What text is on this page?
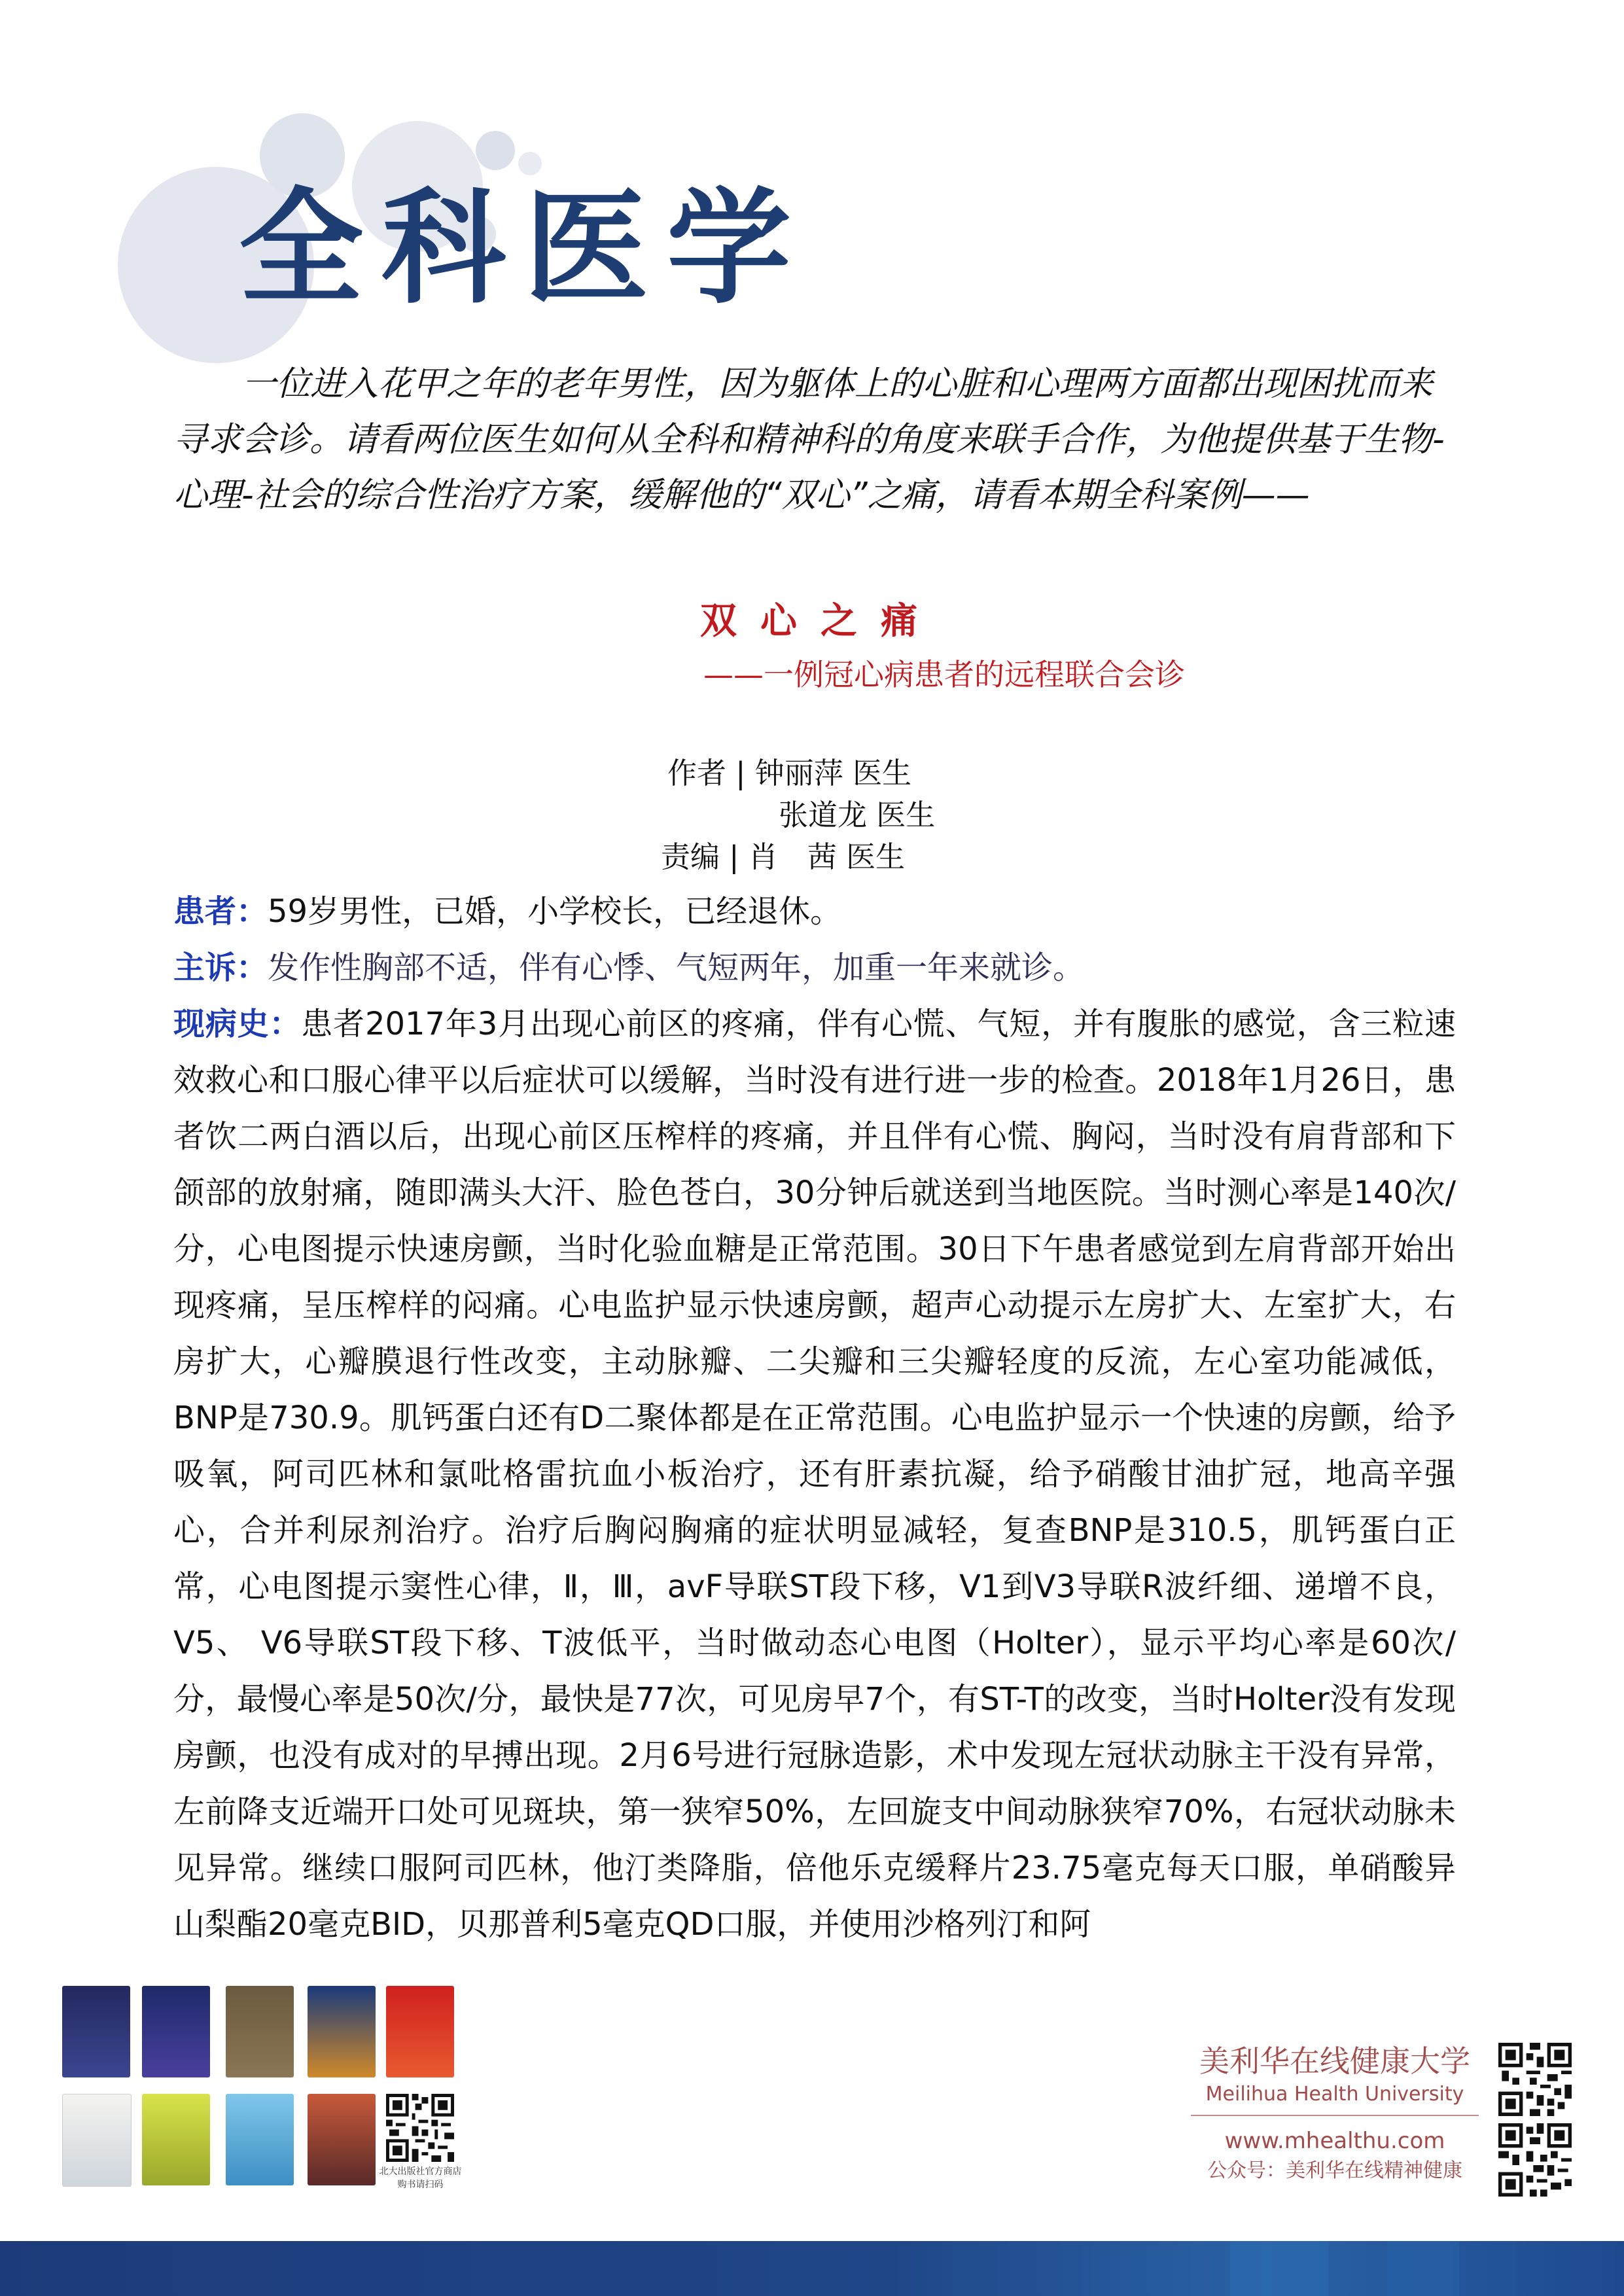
全科医学

一位进入花甲之年的老年男性，因为躯体上的心脏和心理两方面都出现困扰而来寻求会诊。请看两位医生如何从全科和精神科的角度来联手合作，为他提供基于生物-心理-社会的综合性治疗方案，缓解他的“双心”之痛，请看本期全科案例——

双心之痛
——一例冠心病患者的远程联合会诊
作者 | 钟丽萍 医生
张道龙 医生
责编 | 肖　茜 医生

患者：59岁男性，已婚，小学校长，已经退休。

主诉：发作性胸部不适，伴有心悸、气短两年，加重一年来就诊。

现病史：患者2017年3月出现心前区的疼痛，伴有心慌、气短，并有腹胀的感觉，含三粒速效救心和口服心律平以后症状可以缓解，当时没有进行进一步的检查。2018年1月26日，患者饮二两白酒以后，出现心前区压榨样的疼痛，并且伴有心慌、胸闷，当时没有肩背部和下颌部的放射痛，随即满头大汗、脸色苍白，30分钟后就送到当地医院。当时测心率是140次/分，心电图提示快速房颤，当时化验血糖是正常范围。30日下午患者感觉到左肩背部开始出现疼痛，呈压榨样的闷痛。心电监护显示快速房颤，超声心动提示左房扩大、左室扩大，右房扩大，心瓣膜退行性改变，主动脉瓣、二尖瓣和三尖瓣轻度的反流，左心室功能减低，BNP是730.9。肌钙蛋白还有D二聚体都是在正常范围。心电监护显示一个快速的房颤，给予吸氧，阿司匹林和氯吡格雷抗血小板治疗，还有肝素抗凝，给予硝酸甘油扩冠，地高辛强心，合并利尿剂治疗。治疗后胸闷胸痛的症状明显减轻，复查BNP是310.5，肌钙蛋白正常，心电图提示窦性心律，Ⅱ，Ⅲ，avF导联ST段下移，V1到V3导联R波纤细、递增不良，V5、 V6导联ST段下移、T波低平，当时做动态心电图（Holter），显示平均心率是60次/分，最慢心率是50次/分，最快是77次，可见房早7个，有ST-T的改变，当时Holter没有发现房颤，也没有成对的早搏出现。2月6号进行冠脉造影，术中发现左冠状动脉主干没有异常，左前降支近端开口处可见斑块，第一狭窄50%，左回旋支中间动脉狭窄70%，右冠状动脉未见异常。继续口服阿司匹林，他汀类降脂，倍他乐克缓释片23.75毫克每天口服，单硝酸异山梨酯20毫克BID，贝那普利5毫克QD口服，并使用沙格列汀和阿

北大出版社官方商店
购书请扫码
美利华在线健康大学
Meilihua Health University
www.mhealthu.com
公众号：美利华在线精神健康
